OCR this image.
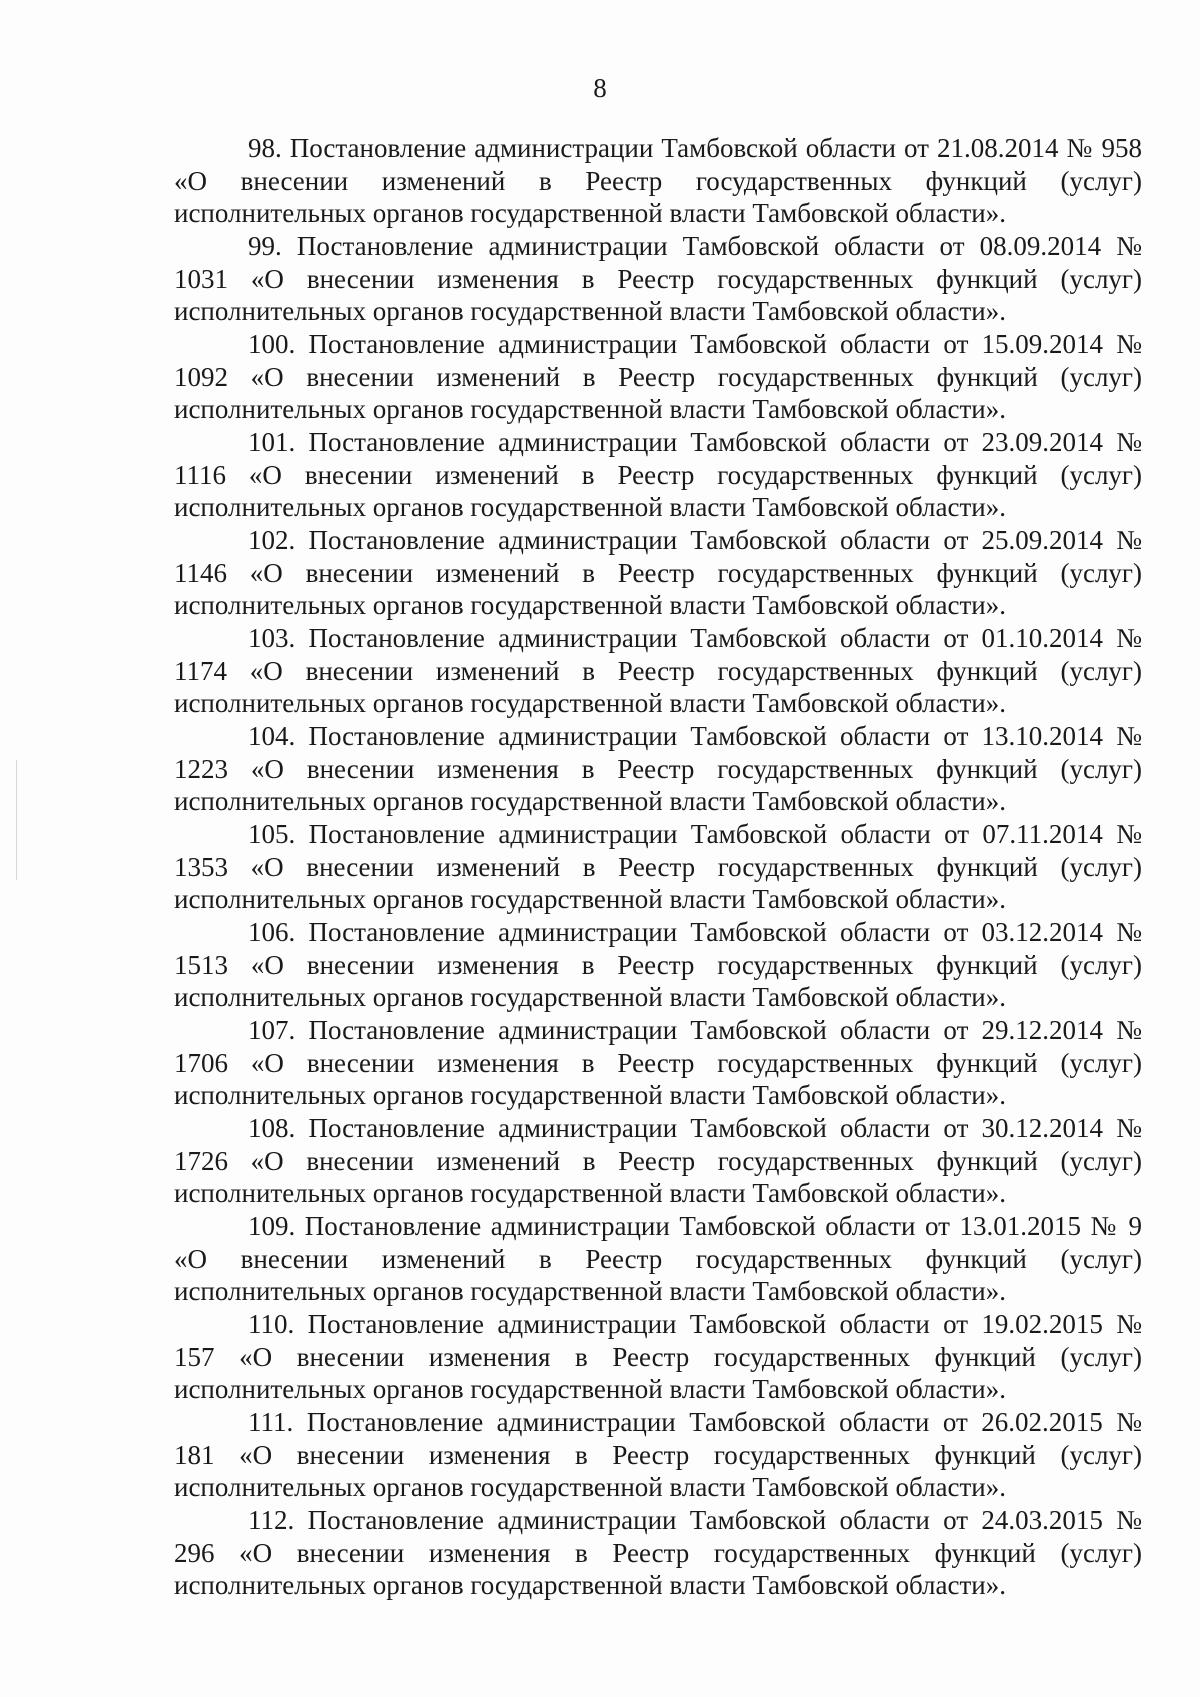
8

98. Постановление администрации Тамбовской области от 21.08.2014 № 958 «О внесении изменений в Реестр государственных функций (услуг) исполнительных органов государственной власти Тамбовской области».

99. Постановление администрации Тамбовской области от 08.09.2014 № 1031 «О внесении изменения в Реестр государственных функций (услуг) исполнительных органов государственной власти Тамбовской области».

100. Постановление администрации Тамбовской области от 15.09.2014 № 1092 «О внесении изменений в Реестр государственных функций (услуг) исполнительных органов государственной власти Тамбовской области».

101. Постановление администрации Тамбовской области от 23.09.2014 № 1116 «О внесении изменений в Реестр государственных функций (услуг) исполнительных органов государственной власти Тамбовской области».

102. Постановление администрации Тамбовской области от 25.09.2014 № 1146 «О внесении изменений в Реестр государственных функций (услуг) исполнительных органов государственной власти Тамбовской области».

103. Постановление администрации Тамбовской области от 01.10.2014 № 1174 «О внесении изменений в Реестр государственных функций (услуг) исполнительных органов государственной власти Тамбовской области».

104. Постановление администрации Тамбовской области от 13.10.2014 № 1223 «О внесении изменения в Реестр государственных функций (услуг) исполнительных органов государственной власти Тамбовской области».

105. Постановление администрации Тамбовской области от 07.11.2014 № 1353 «О внесении изменений в Реестр государственных функций (услуг) исполнительных органов государственной власти Тамбовской области».

106. Постановление администрации Тамбовской области от 03.12.2014 № 1513 «О внесении изменения в Реестр государственных функций (услуг) исполнительных органов государственной власти Тамбовской области».

107. Постановление администрации Тамбовской области от 29.12.2014 № 1706 «О внесении изменения в Реестр государственных функций (услуг) исполнительных органов государственной власти Тамбовской области».

108. Постановление администрации Тамбовской области от 30.12.2014 № 1726 «О внесении изменений в Реестр государственных функций (услуг) исполнительных органов государственной власти Тамбовской области».

109. Постановление администрации Тамбовской области от 13.01.2015 № 9 «О внесении изменений в Реестр государственных функций (услуг) исполнительных органов государственной власти Тамбовской области».

110. Постановление администрации Тамбовской области от 19.02.2015 № 157 «О внесении изменения в Реестр государственных функций (услуг) исполнительных органов государственной власти Тамбовской области».

111. Постановление администрации Тамбовской области от 26.02.2015 № 181 «О внесении изменения в Реестр государственных функций (услуг) исполнительных органов государственной власти Тамбовской области».

112. Постановление администрации Тамбовской области от 24.03.2015 № 296 «О внесении изменения в Реестр государственных функций (услуг) исполнительных органов государственной власти Тамбовской области».
